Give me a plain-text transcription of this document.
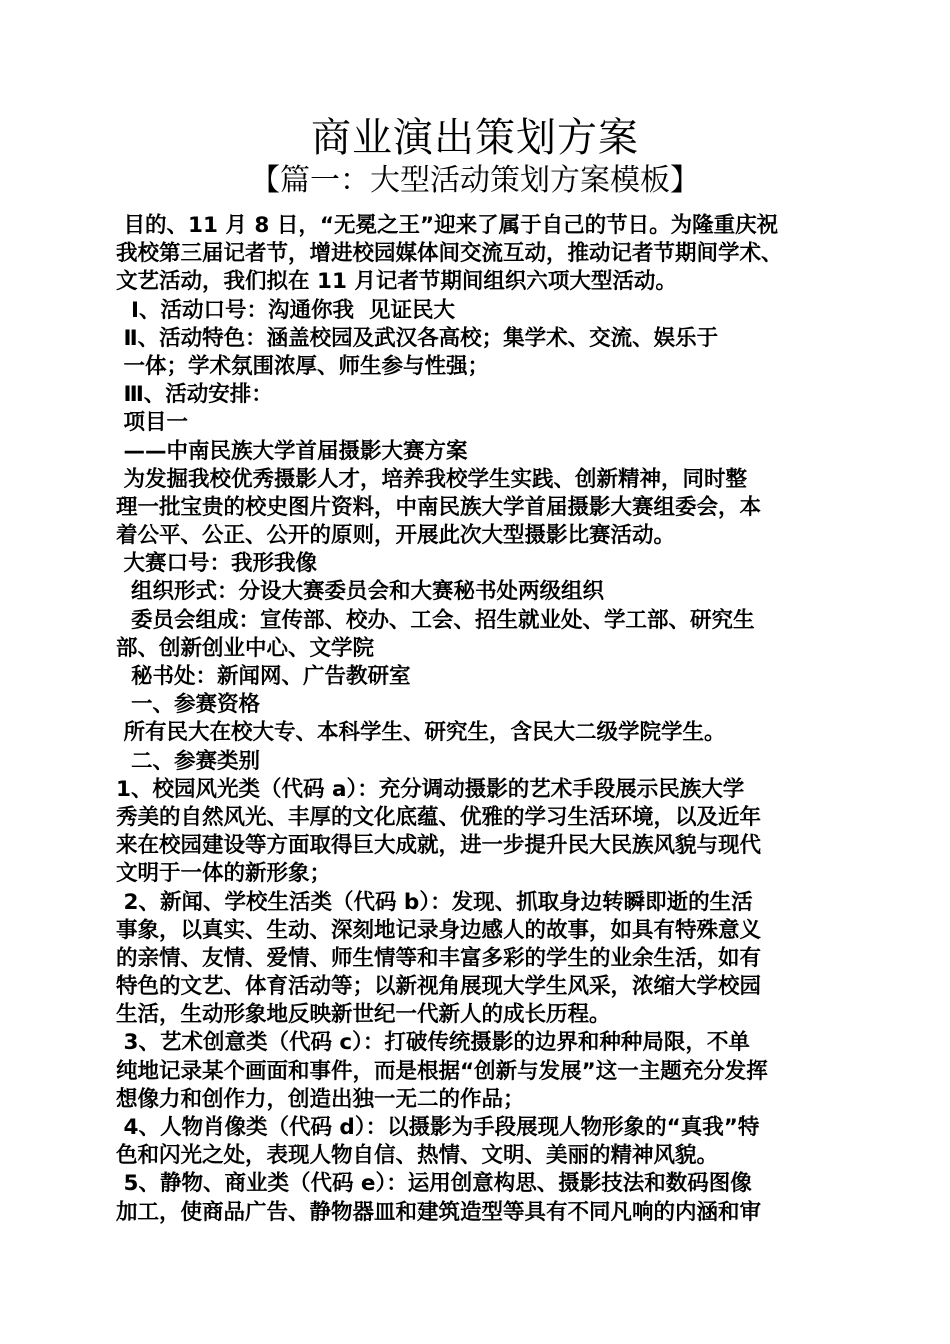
商业演出策划方案
【篇一：大型活动策划方案模板】
目的、11 月 8 日，“无冕之王”迎来了属于自己的节日。为隆重庆祝
我校第三届记者节，增进校园媒体间交流互动，推动记者节期间学术、
文艺活动，我们拟在 11 月记者节期间组织六项大型活动。
Ⅰ、活动口号：沟通你我  见证民大
Ⅱ、活动特色：涵盖校园及武汉各高校；集学术、交流、娱乐于
一体；学术氛围浓厚、师生参与性强；
Ⅲ、活动安排：
项目一
——中南民族大学首届摄影大赛方案
为发掘我校优秀摄影人才，培养我校学生实践、创新精神，同时整
理一批宝贵的校史图片资料，中南民族大学首届摄影大赛组委会，本
着公平、公正、公开的原则，开展此次大型摄影比赛活动。
大赛口号：我形我像
组织形式：分设大赛委员会和大赛秘书处两级组织
委员会组成：宣传部、校办、工会、招生就业处、学工部、研究生
部、创新创业中心、文学院
秘书处：新闻网、广告教研室
一、参赛资格
所有民大在校大专、本科学生、研究生，含民大二级学院学生。
二、参赛类别
1、校园风光类（代码 a）：充分调动摄影的艺术手段展示民族大学
秀美的自然风光、丰厚的文化底蕴、优雅的学习生活环境，以及近年
来在校园建设等方面取得巨大成就，进一步提升民大民族风貌与现代
文明于一体的新形象；
2、新闻、学校生活类（代码 b）：发现、抓取身边转瞬即逝的生活
事象，以真实、生动、深刻地记录身边感人的故事，如具有特殊意义
的亲情、友情、爱情、师生情等和丰富多彩的学生的业余生活，如有
特色的文艺、体育活动等；以新视角展现大学生风采，浓缩大学校园
生活，生动形象地反映新世纪一代新人的成长历程。
3、艺术创意类（代码 c）：打破传统摄影的边界和种种局限，不单
纯地记录某个画面和事件，而是根据“创新与发展”这一主题充分发挥
想像力和创作力，创造出独一无二的作品；
4、人物肖像类（代码 d）：以摄影为手段展现人物形象的“真我”特
色和闪光之处，表现人物自信、热情、文明、美丽的精神风貌。
5、静物、商业类（代码 e）：运用创意构思、摄影技法和数码图像
加工，使商品广告、静物器皿和建筑造型等具有不同凡响的内涵和审
